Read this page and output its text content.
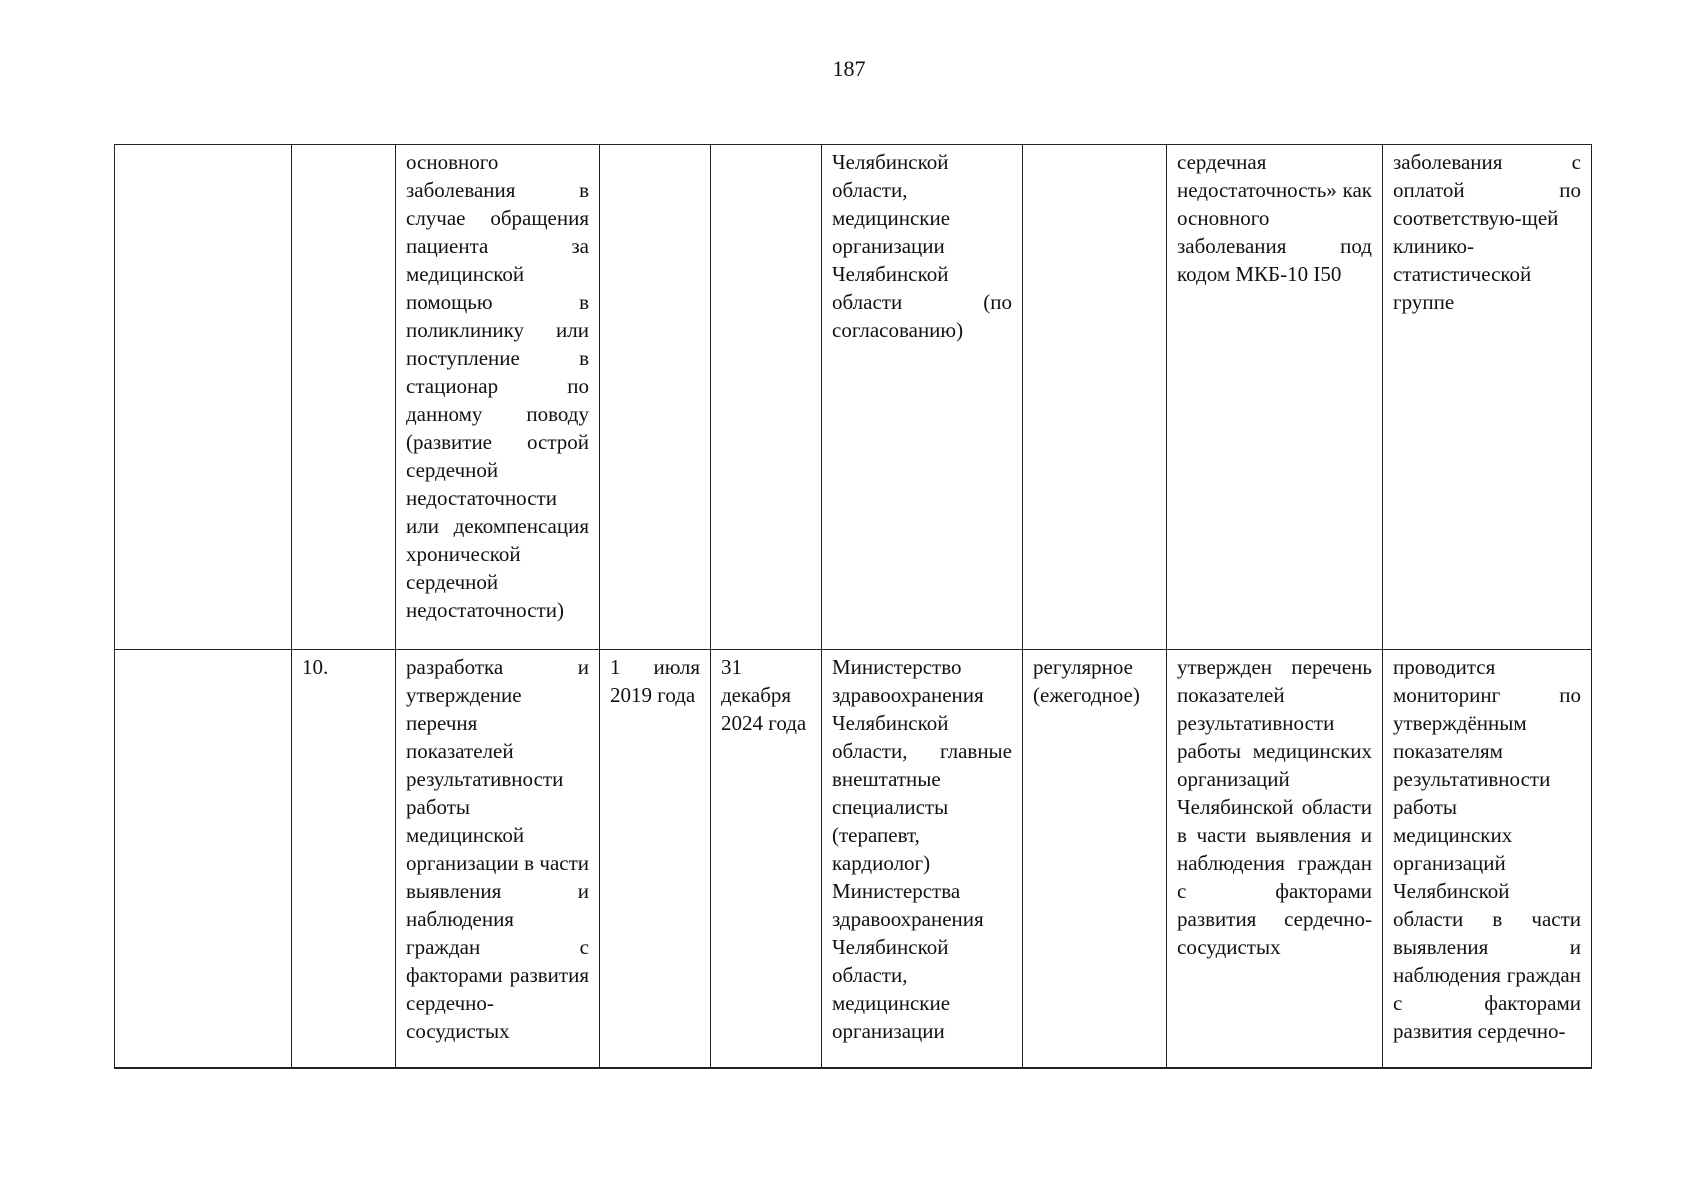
187
		основного заболевания в случае обращения пациента за медицинской помощью в поликлинику или поступление в стационар по данному поводу (развитие острой сердечной недостаточности или декомпенсация хронической сердечной недостаточности)			Челябинской области, медицинские организации Челябинской области (по согласованию)		сердечная недостаточность» как основного заболевания под кодом МКБ-10 I50	заболевания с оплатой по соответствую-щей клинико-статистической группе
	10.	разработка и утверждение перечня показателей результативности работы медицинской организации в части выявления и наблюдения граждан с факторами развития сердечно-сосудистых	1 июля 2019 года	31 декабря 2024 года	Министерство здравоохранения Челябинской области, главные внештатные специалисты (терапевт, кардиолог) Министерства здравоохранения Челябинской области, медицинские организации	регулярное (ежегодное)	утвержден перечень показателей результативности работы медицинских организаций Челябинской области в части выявления и наблюдения граждан с факторами развития сердечно-сосудистых	проводится мониторинг по утверждённым показателям результативности работы медицинских организаций Челябинской области в части выявления и наблюдения граждан с факторами развития сердечно-
